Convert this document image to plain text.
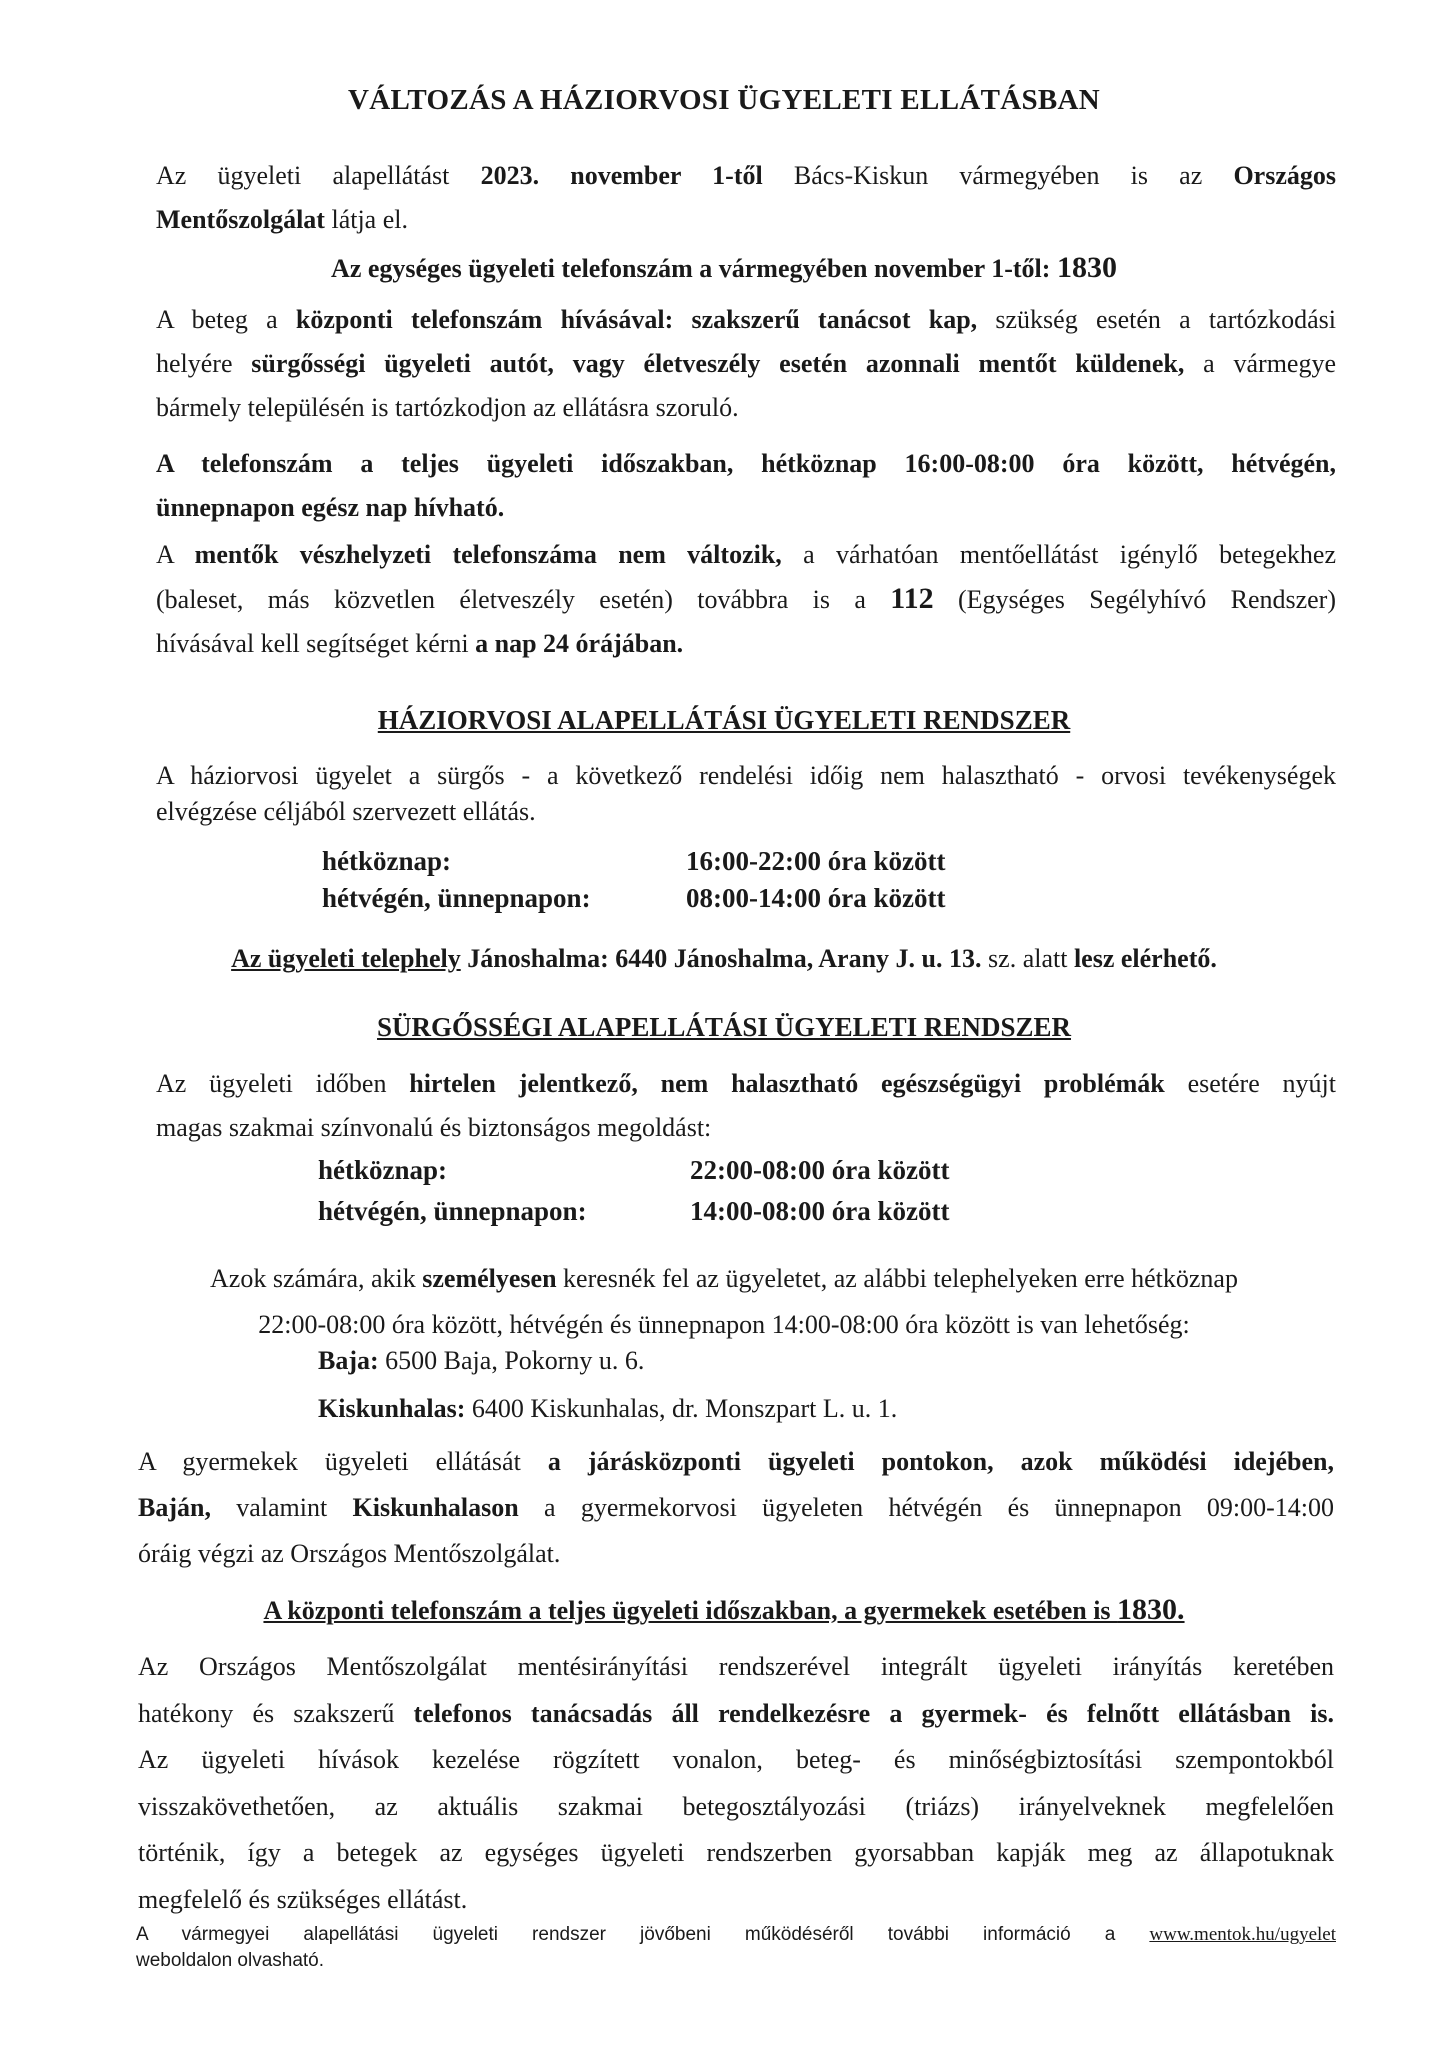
VÁLTOZÁS A HÁZIORVOSI ÜGYELETI ELLÁTÁSBAN
Az ügyeleti alapellátást 2023. november 1-től Bács-Kiskun vármegyében is az Országos
Mentőszolgálat látja el.
Az egységes ügyeleti telefonszám a vármegyében november 1-től: 1830
A beteg a központi telefonszám hívásával: szakszerű tanácsot kap, szükség esetén a tartózkodási
helyére sürgősségi ügyeleti autót, vagy életveszély esetén azonnali mentőt küldenek, a vármegye
bármely településén is tartózkodjon az ellátásra szoruló.
A telefonszám a teljes ügyeleti időszakban, hétköznap 16:00-08:00 óra között, hétvégén,
ünnepnapon egész nap hívható.
A mentők vészhelyzeti telefonszáma nem változik, a várhatóan mentőellátást igénylő betegekhez
(baleset, más közvetlen életveszély esetén) továbbra is a 112 (Egységes Segélyhívó Rendszer)
hívásával kell segítséget kérni a nap 24 órájában.
HÁZIORVOSI ALAPELLÁTÁSI ÜGYELETI RENDSZER
A háziorvosi ügyelet a sürgős - a következő rendelési időig nem halasztható - orvosi tevékenységek
elvégzése céljából szervezett ellátás.
hétköznap:	16:00-22:00 óra között
hétvégén, ünnepnapon:	08:00-14:00 óra között
Az ügyeleti telephely Jánoshalma: 6440 Jánoshalma, Arany J. u. 13. sz. alatt lesz elérhető.
SÜRGŐSSÉGI ALAPELLÁTÁSI ÜGYELETI RENDSZER
Az ügyeleti időben hirtelen jelentkező, nem halasztható egészségügyi problémák esetére nyújt
magas szakmai színvonalú és biztonságos megoldást:
hétköznap:	22:00-08:00 óra között
hétvégén, ünnepnapon:	14:00-08:00 óra között
Azok számára, akik személyesen keresnék fel az ügyeletet, az alábbi telephelyeken erre hétköznap
22:00-08:00 óra között, hétvégén és ünnepnapon 14:00-08:00 óra között is van lehetőség:
Baja: 6500 Baja, Pokorny u. 6.
Kiskunhalas: 6400 Kiskunhalas, dr. Monszpart L. u. 1.
A gyermekek ügyeleti ellátását a járásközponti ügyeleti pontokon, azok működési idejében,
Baján, valamint Kiskunhalason a gyermekorvosi ügyeleten hétvégén és ünnepnapon 09:00-14:00
óráig végzi az Országos Mentőszolgálat.
A központi telefonszám a teljes ügyeleti időszakban, a gyermekek esetében is 1830.
Az Országos Mentőszolgálat mentésirányítási rendszerével integrált ügyeleti irányítás keretében
hatékony és szakszerű telefonos tanácsadás áll rendelkezésre a gyermek- és felnőtt ellátásban is.
Az ügyeleti hívások kezelése rögzített vonalon, beteg- és minőségbiztosítási szempontokból
visszakövethetően, az aktuális szakmai betegosztályozási (triázs) irányelveknek megfelelően
történik, így a betegek az egységes ügyeleti rendszerben gyorsabban kapják meg az állapotuknak
megfelelő és szükséges ellátást.
A vármegyei alapellátási ügyeleti rendszer jövőbeni működéséről további információ a www.mentok.hu/ugyelet
weboldalon olvasható.
